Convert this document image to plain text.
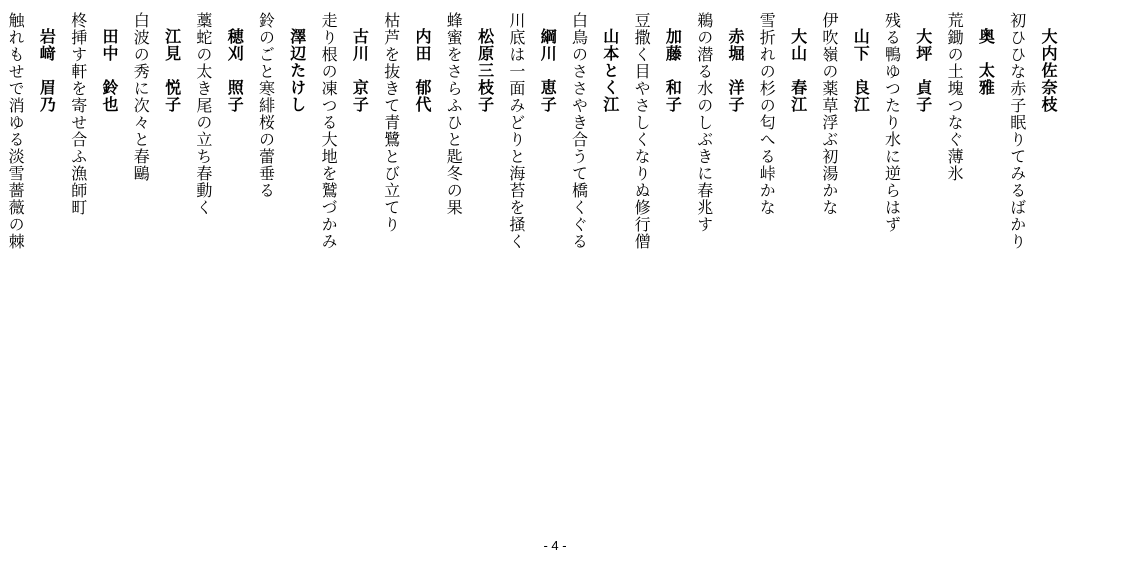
大内佐奈枝
初ひひな赤子眠りてみるばかり
奥　太雅
荒鋤の土塊つなぐ薄氷
大坪　貞子
残る鴨ゆつたり水に逆らはず
山下　良江
伊吹嶺の薬草浮ぶ初湯かな
大山　春江
雪折れの杉の匂へる峠かな
赤堀　洋子
鵜の潜る水のしぶきに春兆す
加藤　和子
豆撒く目やさしくなりぬ修行僧
山本とく江
白鳥のささやき合うて橋くぐる
綱川　恵子
川底は一面みどりと海苔を掻く
松原三枝子
蜂蜜をさらふひと匙冬の果
内田　郁代
枯芦を抜きて青鷺とび立てり
古川　京子
走り根の凍つる大地を鷲づかみ
澤辺たけし
鈴のごと寒緋桜の蕾垂る
穂刈　照子
藁蛇の太き尾の立ち春動く
江見　悦子
白波の秀に次々と春鷗
田中　鈴也
柊挿す軒を寄せ合ふ漁師町
岩﨑　眉乃
触れもせで消ゆる淡雪薔薇の棘
- 4 -
